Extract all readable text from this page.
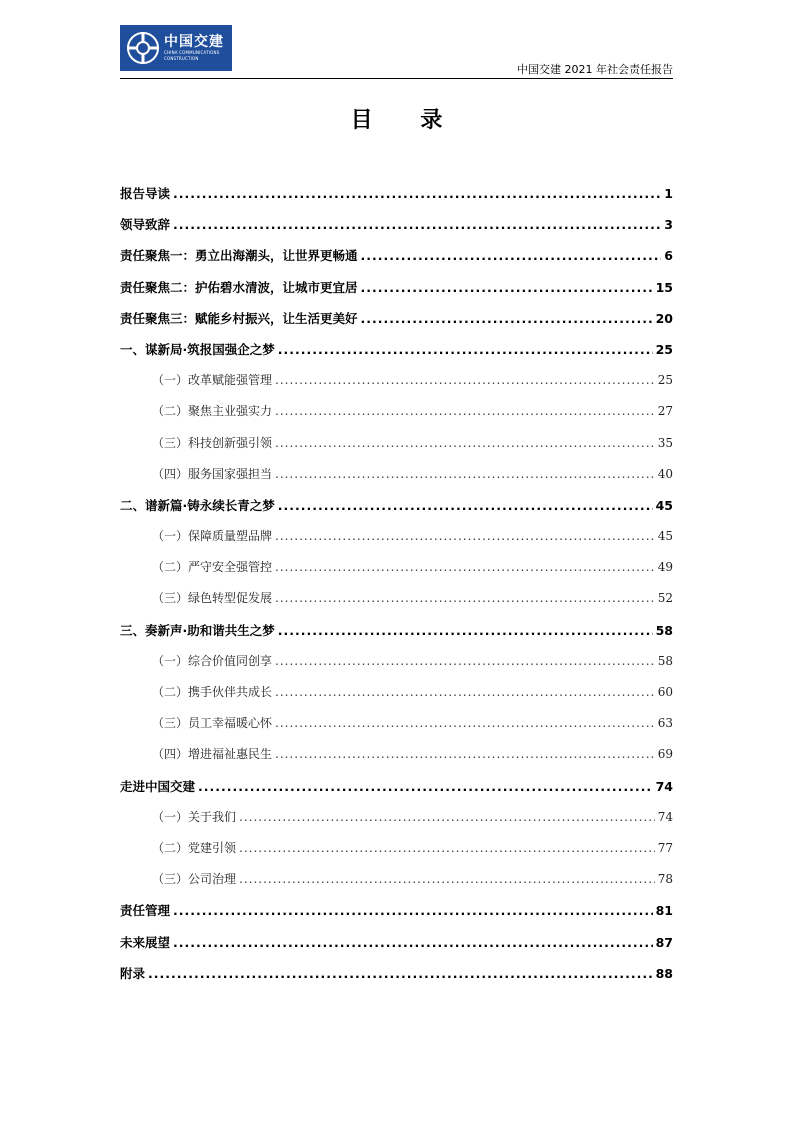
中国交建
CHINA COMMUNICATIONS CONSTRUCTION
中国交建 2021 年社会责任报告
目 录
报告导读 .....	1
领导致辞 .....	3
责任聚焦一：勇立出海潮头，让世界更畅通 .....	6
责任聚焦二：护佑碧水清波，让城市更宜居 .....	15
责任聚焦三：赋能乡村振兴，让生活更美好 .....	20
一、谋新局·筑报国强企之梦 .....	25
（一）改革赋能强管理 .....	25
（二）聚焦主业强实力 .....	27
（三）科技创新强引领 .....	35
（四）服务国家强担当 .....	40
二、谱新篇·铸永续长青之梦 .....	45
（一）保障质量塑品牌 .....	45
（二）严守安全强管控 .....	49
（三）绿色转型促发展 .....	52
三、奏新声·助和谐共生之梦 .....	58
（一）综合价值同创享 .....	58
（二）携手伙伴共成长 .....	60
（三）员工幸福暖心怀 .....	63
（四）增进福祉惠民生 .....	69
走进中国交建 .....	74
（一）关于我们 .....	74
（二）党建引领 .....	77
（三）公司治理 .....	78
责任管理 .....	81
未来展望 .....	87
附录 .....	88
